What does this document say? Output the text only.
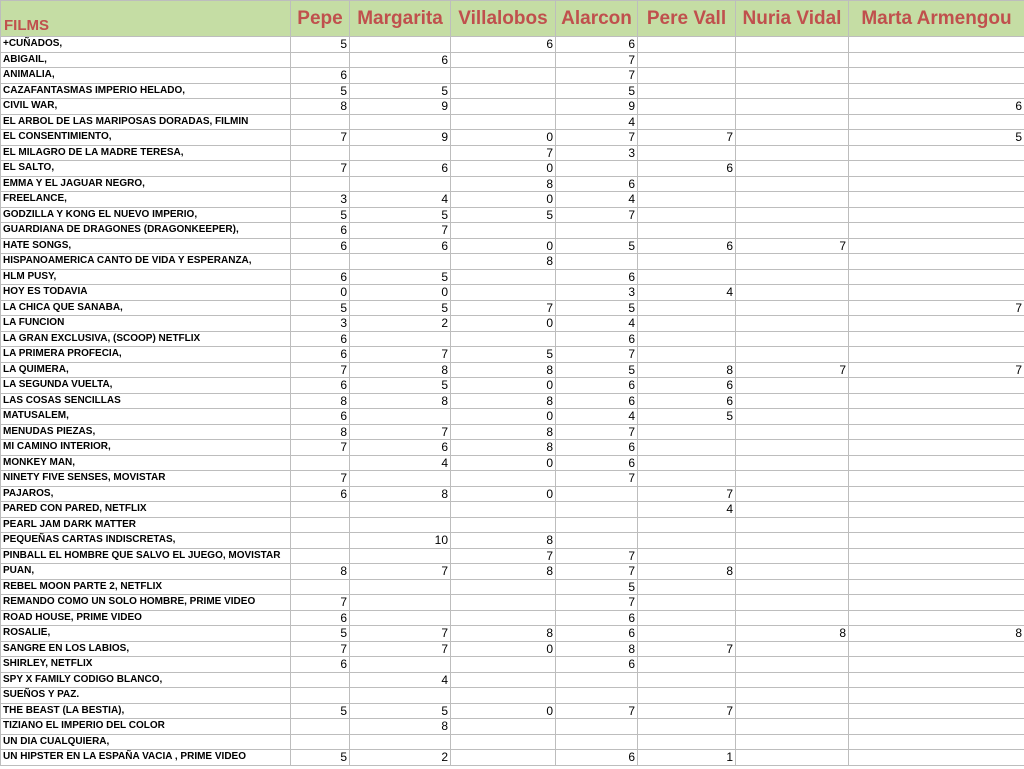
FILMS	Pepe	Margarita	Villalobos	Alarcon	Pere Vall	Nuria Vidal	Marta Armengou
+CUÑADOS,	5		6	6			
ABIGAIL,		6		7			
ANIMALIA,	6			7			
CAZAFANTASMAS IMPERIO HELADO,	5	5		5			
CIVIL WAR,	8	9		9			6
EL ARBOL DE LAS MARIPOSAS DORADAS, FILMIN				4			
EL CONSENTIMIENTO,	7	9	0	7	7		5
EL MILAGRO DE LA MADRE TERESA,			7	3			
EL SALTO,	7	6	0		6		
EMMA Y EL JAGUAR NEGRO,			8	6			
FREELANCE,	3	4	0	4			
GODZILLA Y KONG EL NUEVO IMPERIO,	5	5	5	7			
GUARDIANA DE DRAGONES (DRAGONKEEPER),	6	7					
HATE SONGS,	6	6	0	5	6	7	
HISPANOAMERICA CANTO DE VIDA Y ESPERANZA,			8				
HLM PUSY,	6	5		6			
HOY ES TODAVIA	0	0		3	4		
LA CHICA QUE SANABA,	5	5	7	5			7
LA FUNCION	3	2	0	4			
LA GRAN EXCLUSIVA, (SCOOP) NETFLIX	6			6			
LA PRIMERA PROFECIA,	6	7	5	7			
LA QUIMERA,	7	8	8	5	8	7	7
LA SEGUNDA VUELTA,	6	5	0	6	6		
LAS COSAS SENCILLAS	8	8	8	6	6		
MATUSALEM,	6		0	4	5		
MENUDAS PIEZAS,	8	7	8	7			
MI CAMINO INTERIOR,	7	6	8	6			
MONKEY MAN,		4	0	6			
NINETY FIVE SENSES, MOVISTAR	7			7			
PAJAROS,	6	8	0		7		
PARED CON PARED, NETFLIX					4		
PEARL JAM DARK MATTER							
PEQUEÑAS CARTAS INDISCRETAS,		10	8				
PINBALL EL HOMBRE QUE SALVO EL JUEGO, MOVISTAR			7	7			
PUAN,	8	7	8	7	8		
REBEL MOON PARTE 2, NETFLIX				5			
REMANDO COMO UN SOLO HOMBRE, PRIME VIDEO	7			7			
ROAD HOUSE, PRIME VIDEO	6			6			
ROSALIE,	5	7	8	6		8	8
SANGRE EN LOS LABIOS,	7	7	0	8	7		
SHIRLEY, NETFLIX	6			6			
SPY X FAMILY CODIGO BLANCO,		4					
SUEÑOS Y PAZ.							
THE BEAST (LA BESTIA),	5	5	0	7	7		
TIZIANO EL IMPERIO DEL COLOR		8					
UN DIA CUALQUIERA,							
UN HIPSTER EN LA ESPAÑA VACIA , PRIME VIDEO	5	2		6	1		
